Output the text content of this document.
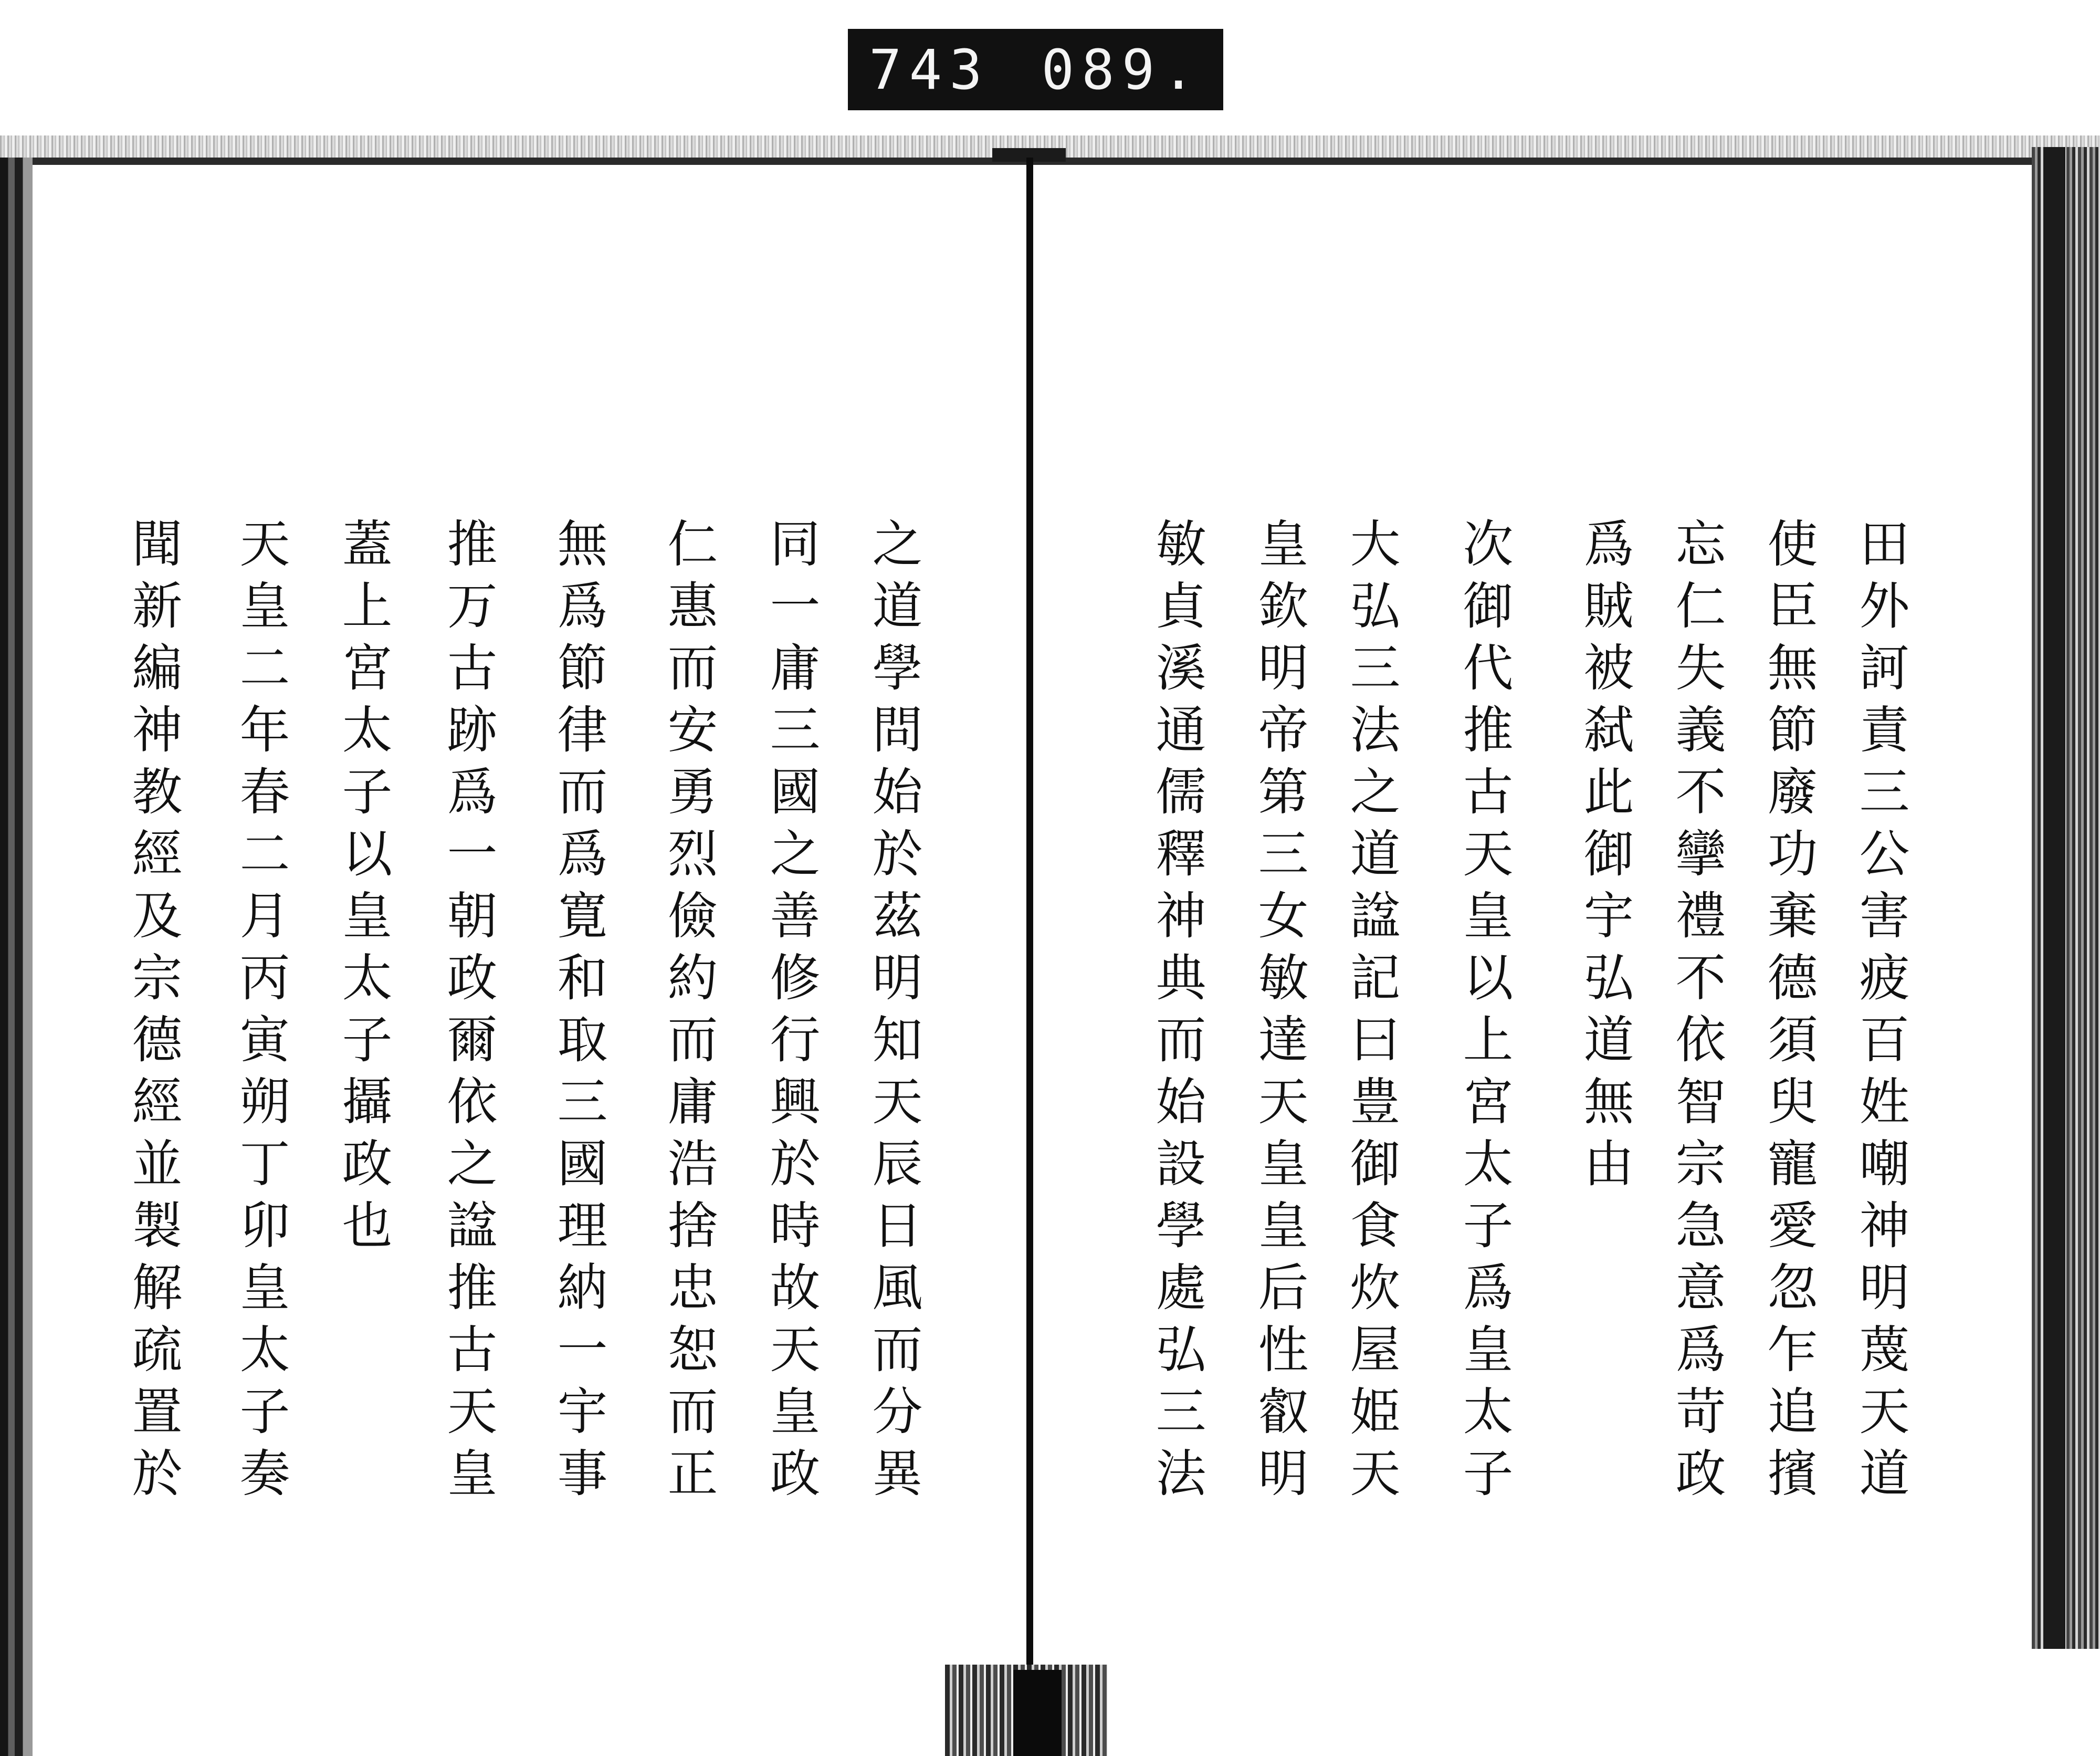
743 089.
田外訶責三公害疲百姓嘲神明蔑天道
使臣無節廢功棄德須臾寵愛忽乍追擯
忘仁失義不攣禮不依智宗急意爲苛政
爲賊被弑此御宇弘道無由
次御代推古天皇以上宮太子爲皇太子
大弘三法之道諡記曰豊御食炊屋姫天
皇欽明帝第三女敏達天皇皇后性叡明
敏貞溪通儒釋神典而始設學處弘三法
之道學問始於茲明知天辰日風而分異
同一庸三國之善修行興於時故天皇政
仁惠而安勇烈儉約而庸浩捨忠恕而正
無爲節律而爲寛和取三國理納一宇事
推万古跡爲一朝政爾依之諡推古天皇
蓋上宮太子以皇太子攝政也
天皇二年春二月丙寅朔丁卯皇太子奏
聞新編神教經及宗德經並製解疏置於
